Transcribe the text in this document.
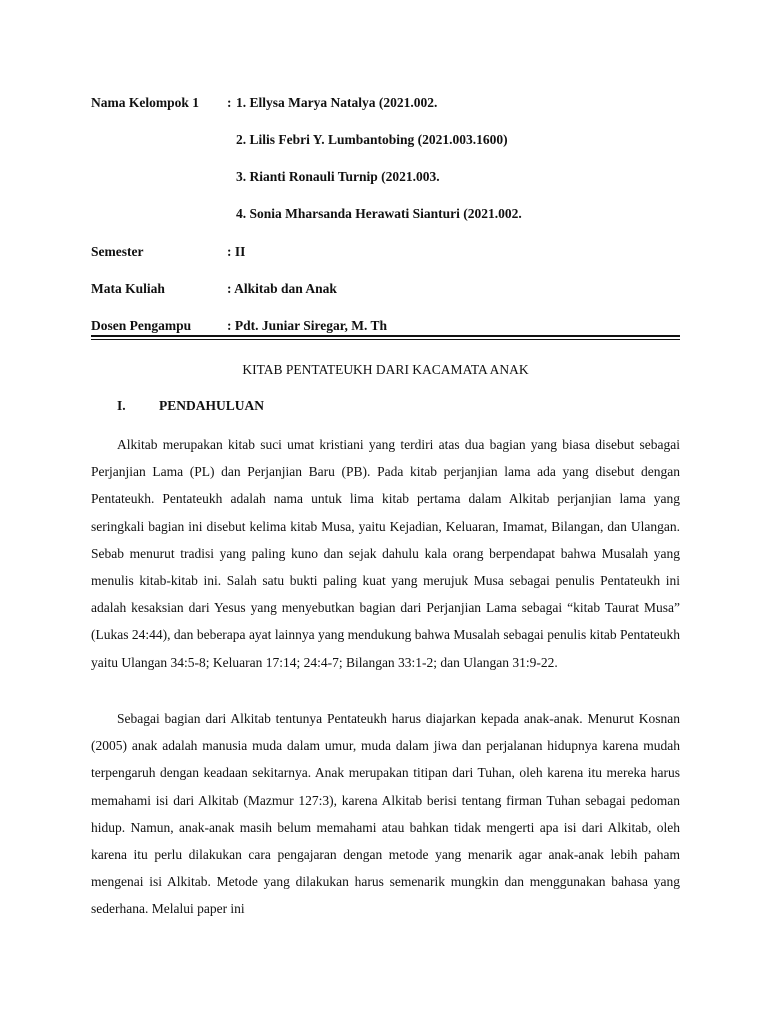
Nama Kelompok 1 : 1. Ellysa Marya Natalya (2021.002.
2. Lilis Febri Y. Lumbantobing (2021.003.1600)
3. Rianti Ronauli Turnip (2021.003.
4. Sonia Mharsanda Herawati Sianturi (2021.002.
Semester	: II
Mata Kuliah	: Alkitab dan Anak
Dosen Pengampu	: Pdt. Juniar Siregar, M. Th
KITAB PENTATEUKH DARI KACAMATA ANAK
I. PENDAHULUAN

Alkitab merupakan kitab suci umat kristiani yang terdiri atas dua bagian yang biasa disebut sebagai Perjanjian Lama (PL) dan Perjanjian Baru (PB). Pada kitab perjanjian lama ada yang disebut dengan Pentateukh. Pentateukh adalah nama untuk lima kitab pertama dalam Alkitab perjanjian lama yang seringkali bagian ini disebut kelima kitab Musa, yaitu Kejadian, Keluaran, Imamat, Bilangan, dan Ulangan. Sebab menurut tradisi yang paling kuno dan sejak dahulu kala orang berpendapat bahwa Musalah yang menulis kitab-kitab ini. Salah satu bukti paling kuat yang merujuk Musa sebagai penulis Pentateukh ini adalah kesaksian dari Yesus yang menyebutkan bagian dari Perjanjian Lama sebagai “kitab Taurat Musa” (Lukas 24:44), dan beberapa ayat lainnya yang mendukung bahwa Musalah sebagai penulis kitab Pentateukh yaitu Ulangan 34:5-8; Keluaran 17:14; 24:4-7; Bilangan 33:1-2; dan Ulangan 31:9-22.

Sebagai bagian dari Alkitab tentunya Pentateukh harus diajarkan kepada anak-anak. Menurut Kosnan (2005) anak adalah manusia muda dalam umur, muda dalam jiwa dan perjalanan hidupnya karena mudah terpengaruh dengan keadaan sekitarnya. Anak merupakan titipan dari Tuhan, oleh karena itu mereka harus memahami isi dari Alkitab (Mazmur 127:3), karena Alkitab berisi tentang firman Tuhan sebagai pedoman hidup. Namun, anak-anak masih belum memahami atau bahkan tidak mengerti apa isi dari Alkitab, oleh karena itu perlu dilakukan cara pengajaran dengan metode yang menarik agar anak-anak lebih paham mengenai isi Alkitab. Metode yang dilakukan harus semenarik mungkin dan menggunakan bahasa yang sederhana. Melalui paper ini
